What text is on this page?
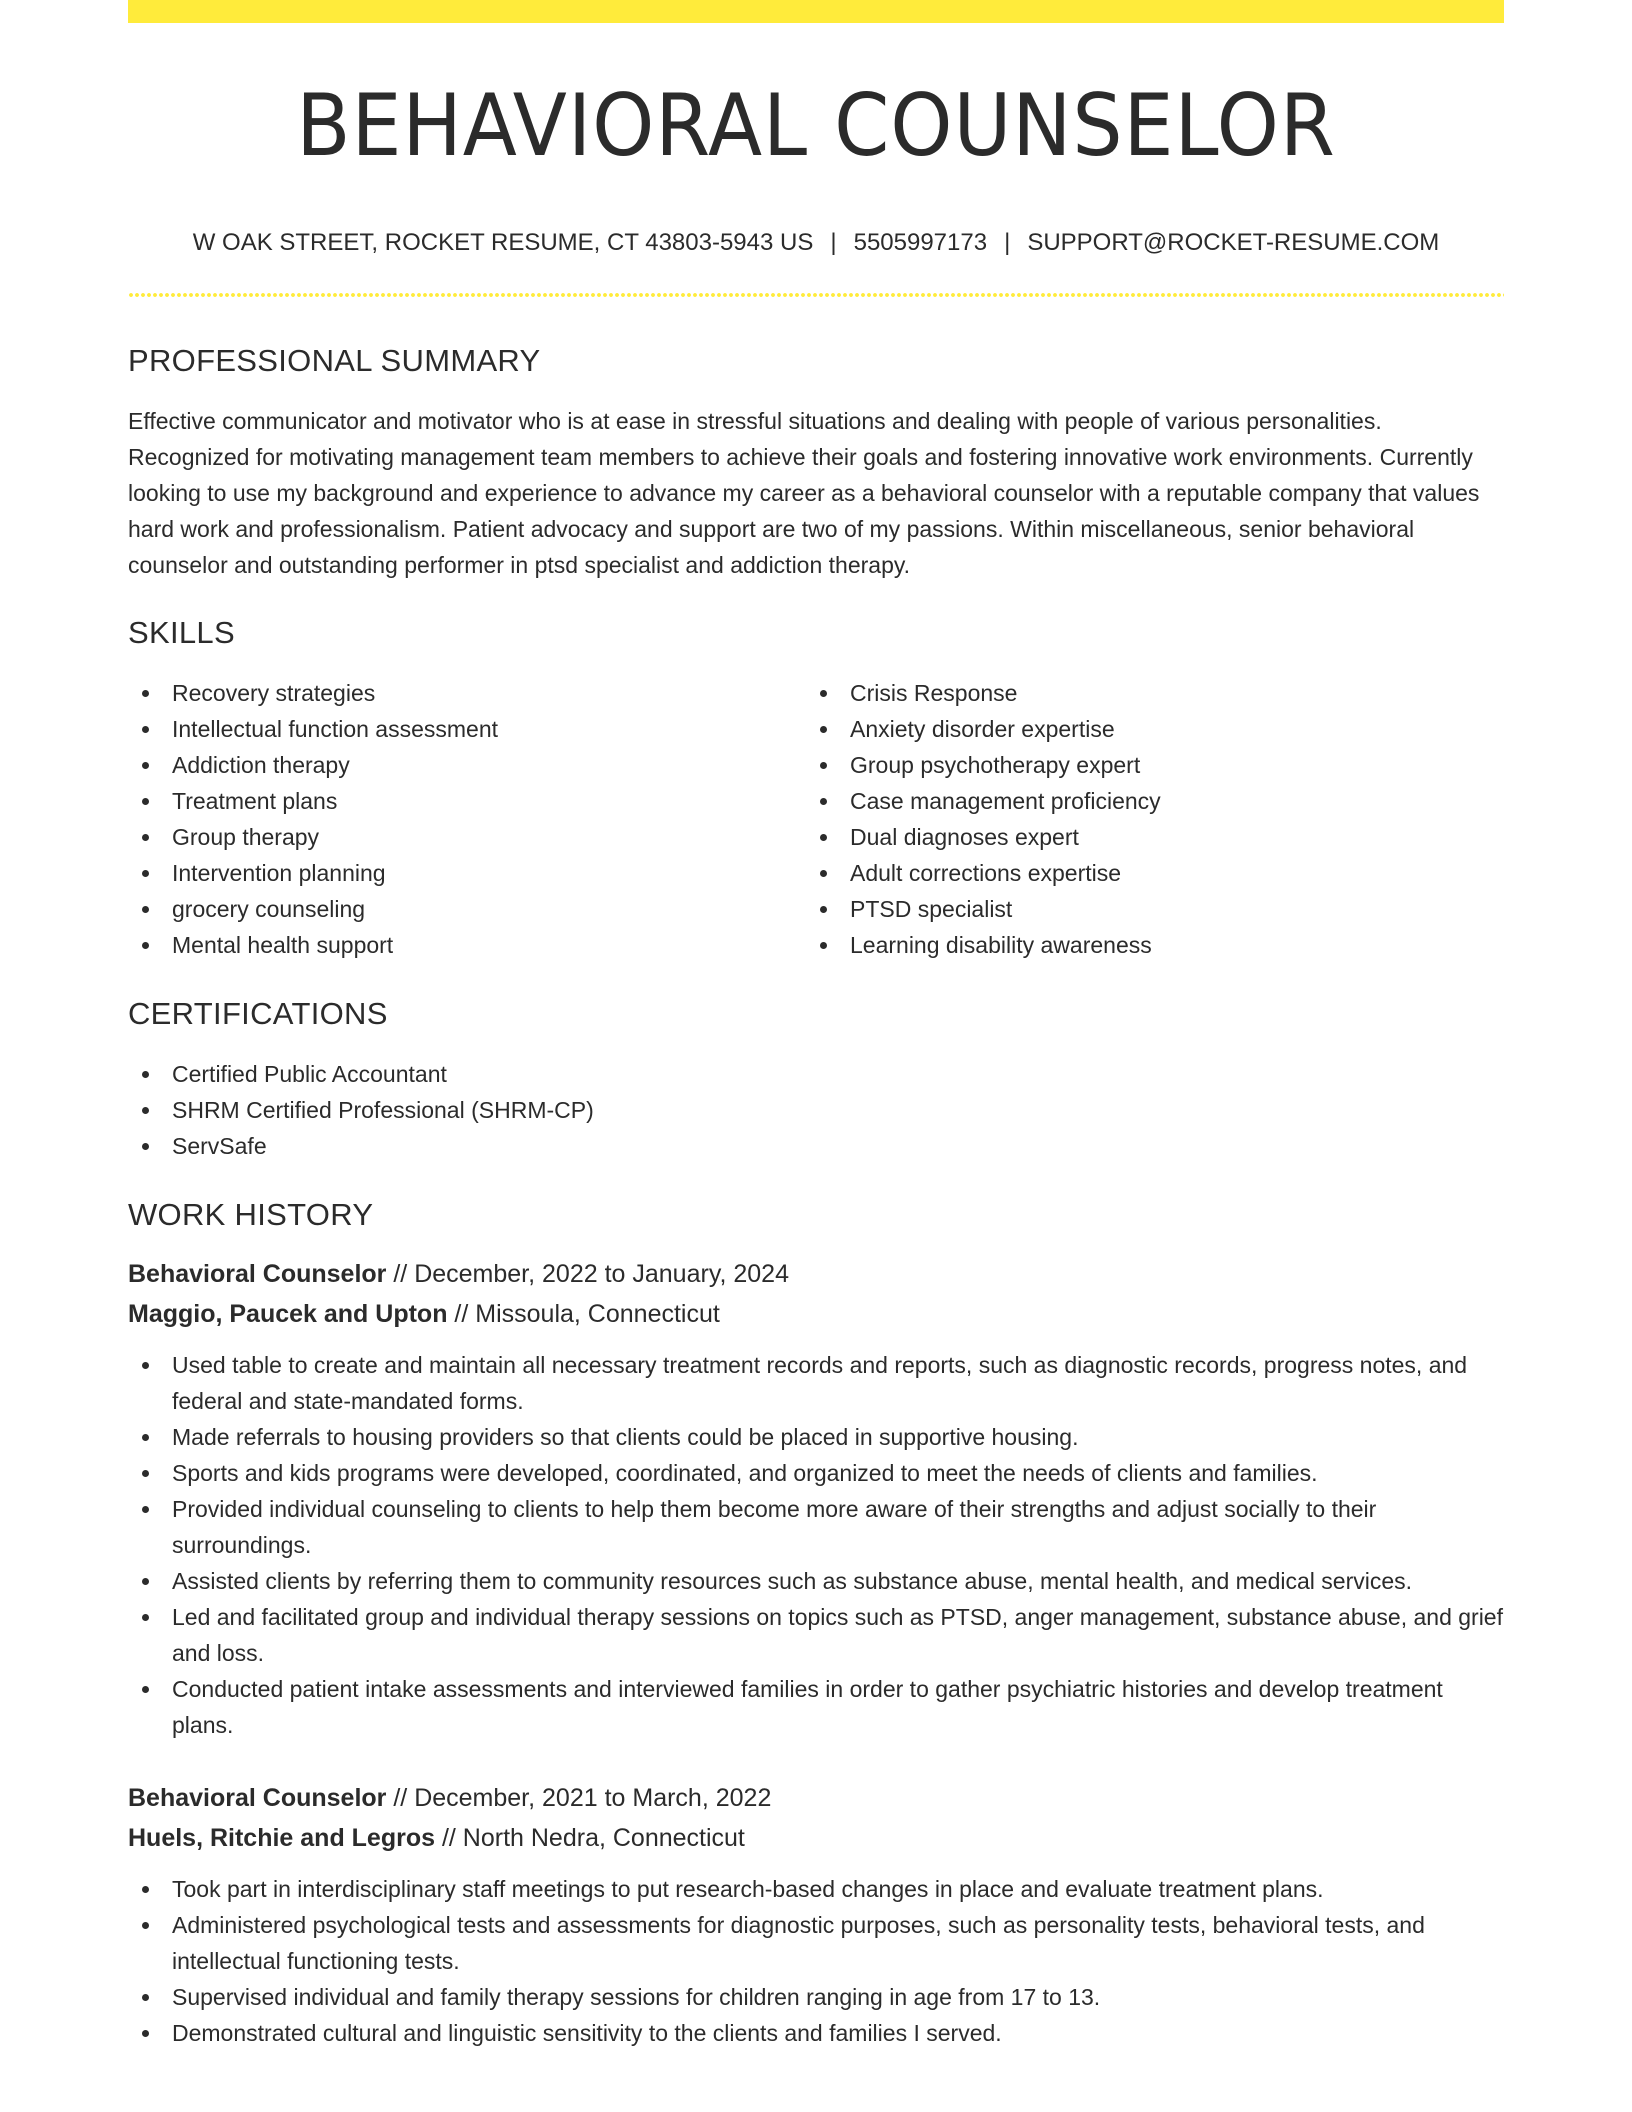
BEHAVIORAL COUNSELOR
W OAK STREET, ROCKET RESUME, CT 43803-5943 US | 5505997173 | SUPPORT@ROCKET-RESUME.COM
PROFESSIONAL SUMMARY

Effective communicator and motivator who is at ease in stressful situations and dealing with people of various personalities. Recognized for motivating management team members to achieve their goals and fostering innovative work environments. Currently looking to use my background and experience to advance my career as a behavioral counselor with a reputable company that values hard work and professionalism. Patient advocacy and support are two of my passions. Within miscellaneous, senior behavioral counselor and outstanding performer in ptsd specialist and addiction therapy.

SKILLS
Recovery strategies
Intellectual function assessment
Addiction therapy
Treatment plans
Group therapy
Intervention planning
grocery counseling
Mental health support
Crisis Response
Anxiety disorder expertise
Group psychotherapy expert
Case management proficiency
Dual diagnoses expert
Adult corrections expertise
PTSD specialist
Learning disability awareness
CERTIFICATIONS
Certified Public Accountant
SHRM Certified Professional (SHRM-CP)
ServSafe
WORK HISTORY
Behavioral Counselor // December, 2022 to January, 2024
Maggio, Paucek and Upton // Missoula, Connecticut
Used table to create and maintain all necessary treatment records and reports, such as diagnostic records, progress notes, and federal and state-mandated forms.
Made referrals to housing providers so that clients could be placed in supportive housing.
Sports and kids programs were developed, coordinated, and organized to meet the needs of clients and families.
Provided individual counseling to clients to help them become more aware of their strengths and adjust socially to their surroundings.
Assisted clients by referring them to community resources such as substance abuse, mental health, and medical services.
Led and facilitated group and individual therapy sessions on topics such as PTSD, anger management, substance abuse, and grief and loss.
Conducted patient intake assessments and interviewed families in order to gather psychiatric histories and develop treatment plans.
Behavioral Counselor // December, 2021 to March, 2022
Huels, Ritchie and Legros // North Nedra, Connecticut
Took part in interdisciplinary staff meetings to put research-based changes in place and evaluate treatment plans.
Administered psychological tests and assessments for diagnostic purposes, such as personality tests, behavioral tests, and intellectual functioning tests.
Supervised individual and family therapy sessions for children ranging in age from 17 to 13.
Demonstrated cultural and linguistic sensitivity to the clients and families I served.
